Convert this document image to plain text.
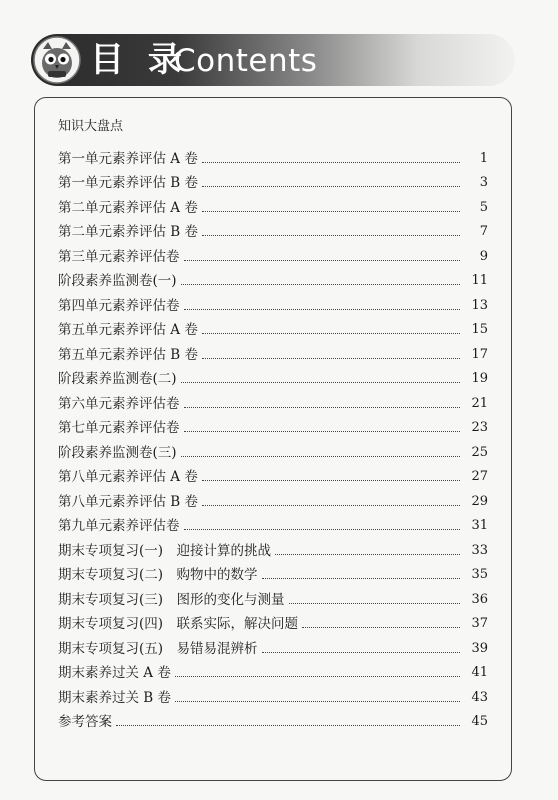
目 录
Contents
知识大盘点
第一单元素养评估 A 卷	1
第一单元素养评估 B 卷	3
第二单元素养评估 A 卷	5
第二单元素养评估 B 卷	7
第三单元素养评估卷	9
阶段素养监测卷(一)	11
第四单元素养评估卷	13
第五单元素养评估 A 卷	15
第五单元素养评估 B 卷	17
阶段素养监测卷(二)	19
第六单元素养评估卷	21
第七单元素养评估卷	23
阶段素养监测卷(三)	25
第八单元素养评估 A 卷	27
第八单元素养评估 B 卷	29
第九单元素养评估卷	31
期末专项复习(一)　迎接计算的挑战	33
期末专项复习(二)　购物中的数学	35
期末专项复习(三)　图形的变化与测量	36
期末专项复习(四)　联系实际，解决问题	37
期末专项复习(五)　易错易混辨析	39
期末素养过关 A 卷	41
期末素养过关 B 卷	43
参考答案	45
